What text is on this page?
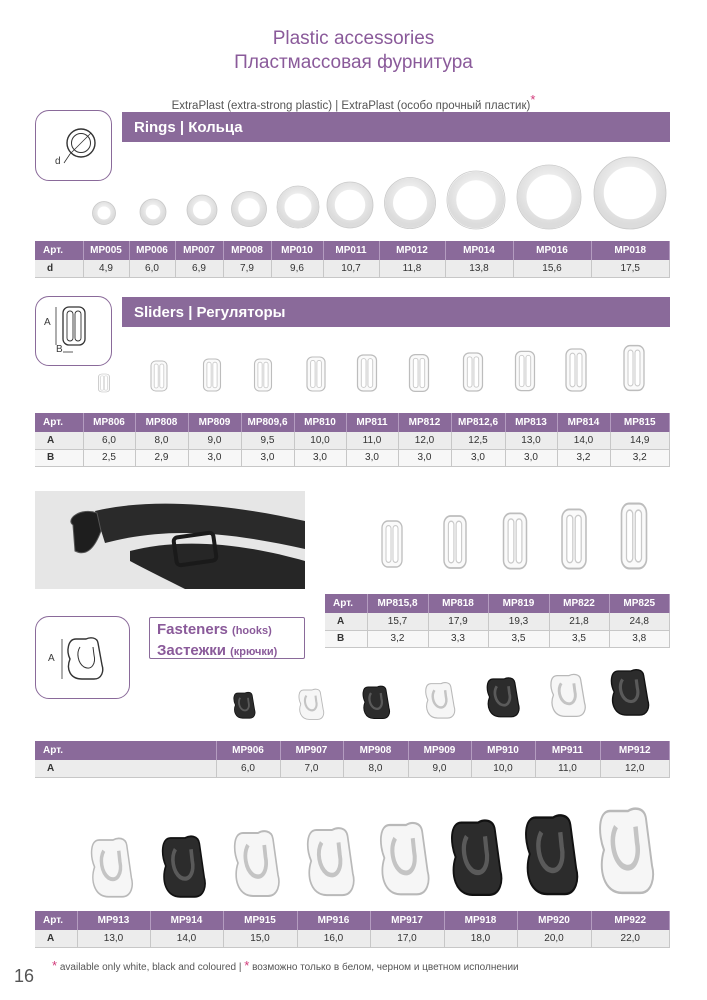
Plastic accessories
Пластмассовая фурнитура
ExtraPlast (extra-strong plastic) | ExtraPlast (особо прочный пластик)*
d
Rings | Кольца
Арт.	MP005	MP006	MP007	MP008	MP010	MP011	MP012	MP014	MP016	MP018
d	4,9	6,0	6,9	7,9	9,6	10,7	11,8	13,8	15,6	17,5
A
B
Sliders | Регуляторы
Арт.	MP806	MP808	MP809	MP809,6	MP810	MP811	MP812	MP812,6	MP813	MP814	MP815
A	6,0	8,0	9,0	9,5	10,0	11,0	12,0	12,5	13,0	14,0	14,9
B	2,5	2,9	3,0	3,0	3,0	3,0	3,0	3,0	3,0	3,2	3,2
Арт.	MP815,8	MP818	MP819	MP822	MP825
A	15,7	17,9	19,3	21,8	24,8
B	3,2	3,3	3,5	3,5	3,8
A
Fasteners (hooks)
Застежки (крючки)
Арт.	MP906	MP907	MP908	MP909	MP910	MP911	MP912
A	6,0	7,0	8,0	9,0	10,0	11,0	12,0
Арт.	MP913	MP914	MP915	MP916	MP917	MP918	MP920	MP922
A	13,0	14,0	15,0	16,0	17,0	18,0	20,0	22,0
* available only white, black and coloured | * возможно только в белом, черном и цветном исполнении
16
